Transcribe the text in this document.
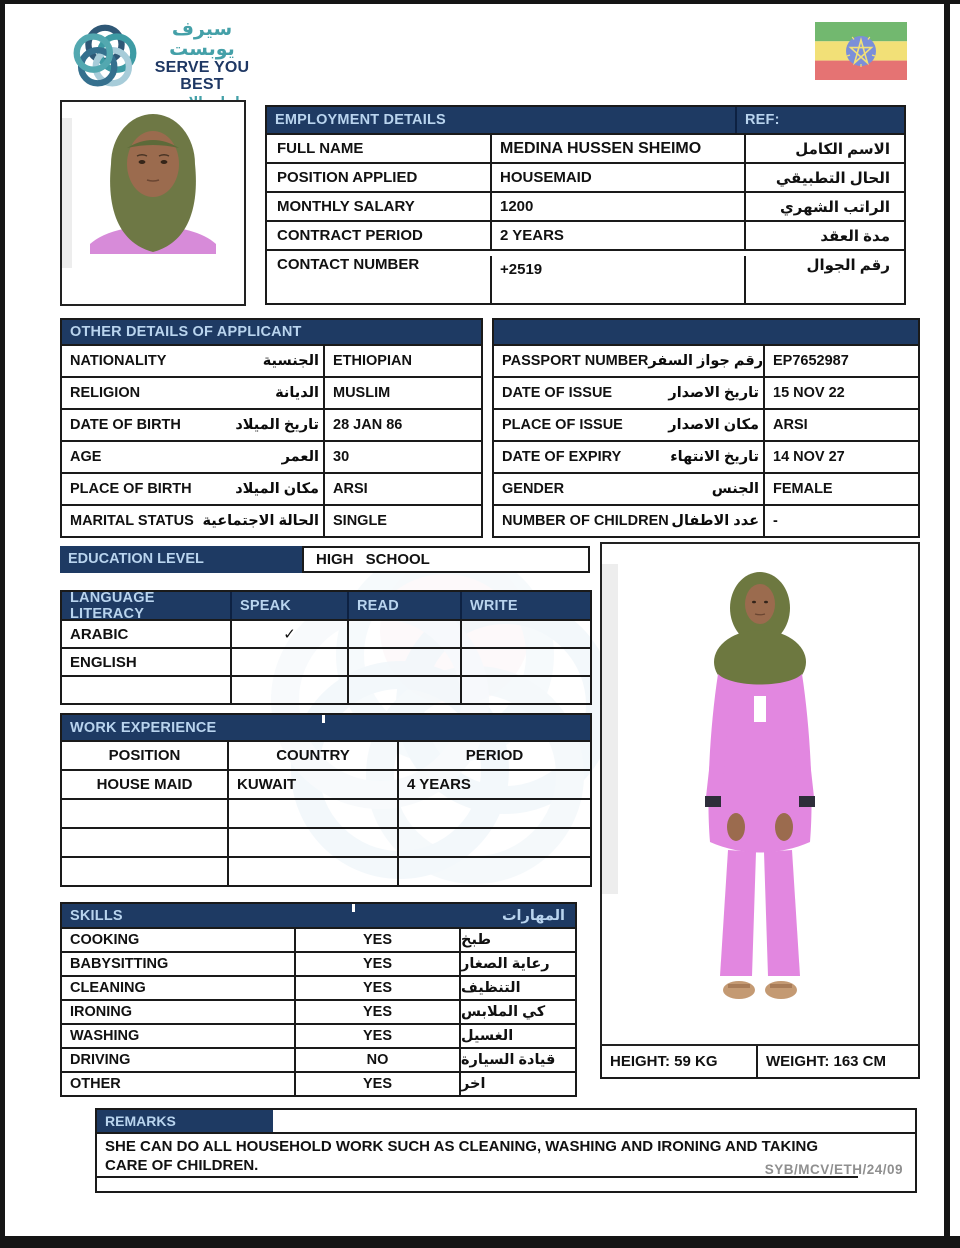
سيرف يوبست
SERVE YOU BEST
EMPLOYMENT DETAILS	REF:
FULL NAME	MEDINA HUSSEN SHEIMO	الاسم الكامل
POSITION APPLIED	HOUSEMAID	الحال التطبيقي
MONTHLY SALARY	1200	الراتب الشهري
CONTRACT PERIOD	2 YEARS	مدة العقد
CONTACT NUMBER	+2519	رقم الجوال
OTHER DETAILS OF APPLICANT
NATIONALITY	الجنسية ETHIOPIAN
RELIGION	الديانة MUSLIM
DATE OF BIRTH	تاريخ الميلاد 28 JAN 86
AGE	العمر 30
PLACE OF BIRTH	مكان الميلاد ARSI
MARITAL STATUS الحالة الاجتماعية SINGLE

PASSPORT NUMBER رقم جواز السفر EP7652987
DATE OF ISSUE	تاريخ الاصدار 15 NOV 22
PLACE OF ISSUE	مكان الاصدار ARSI
DATE OF EXPIRY	تاريخ الانتهاء 14 NOV 27
GENDER	الجنس FEMALE
NUMBER OF CHILDREN عدد الاطفال -
EDUCATION LEVEL	HIGH SCHOOL
LANGUAGE LITERACY	SPEAK	READ	WRITE
ARABIC	✓
ENGLISH
WORK EXPERIENCE
POSITION	COUNTRY	PERIOD
HOUSE MAID	KUWAIT	4 YEARS
SKILLS	المهارات
COOKING	YES	طبخ
BABYSITTING	YES	رعاية الصغار
CLEANING	YES	التنظيف
IRONING	YES	كي الملابس
WASHING	YES	الغسيل
DRIVING	NO	قيادة السيارة
OTHER	YES	اخر
HEIGHT: 59 KG	WEIGHT: 163 CM
REMARKS
SHE CAN DO ALL HOUSEHOLD WORK SUCH AS CLEANING, WASHING AND IRONING AND TAKING CARE OF CHILDREN.	SYB/MCV/ETH/24/09
